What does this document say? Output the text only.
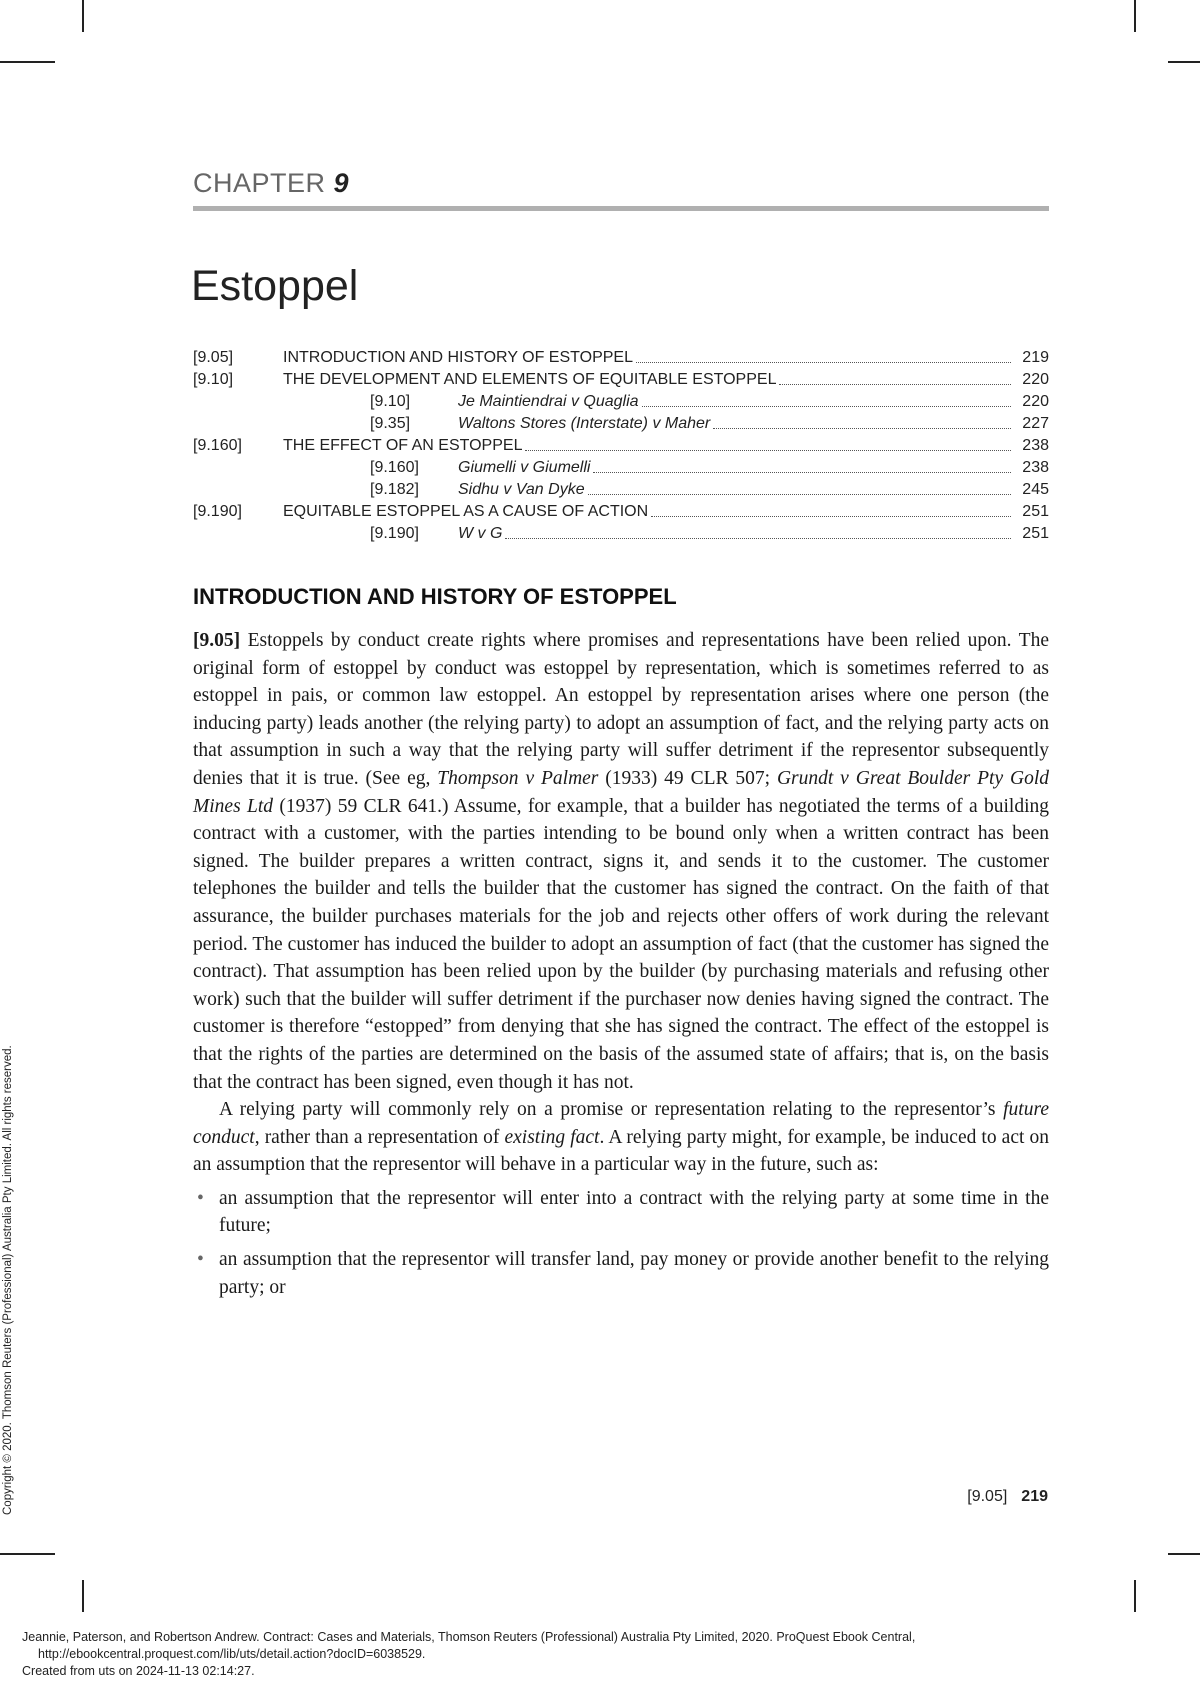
CHAPTER 9
Estoppel
[9.05]	INTRODUCTION AND HISTORY OF ESTOPPEL	219
[9.10]	THE DEVELOPMENT AND ELEMENTS OF EQUITABLE ESTOPPEL	220
[9.10]	Je Maintiendrai v Quaglia	220
[9.35]	Waltons Stores (Interstate) v Maher	227
[9.160]	THE EFFECT OF AN ESTOPPEL	238
[9.160]	Giumelli v Giumelli	238
[9.182]	Sidhu v Van Dyke	245
[9.190]	EQUITABLE ESTOPPEL AS A CAUSE OF ACTION	251
[9.190]	W v G	251
INTRODUCTION AND HISTORY OF ESTOPPEL

[9.05] Estoppels by conduct create rights where promises and representations have been relied upon. The original form of estoppel by conduct was estoppel by representation, which is sometimes referred to as estoppel in pais, or common law estoppel. An estoppel by representation arises where one person (the inducing party) leads another (the relying party) to adopt an assumption of fact, and the relying party acts on that assumption in such a way that the relying party will suffer detriment if the representor subsequently denies that it is true. (See eg, Thompson v Palmer (1933) 49 CLR 507; Grundt v Great Boulder Pty Gold Mines Ltd (1937) 59 CLR 641.) Assume, for example, that a builder has negotiated the terms of a building contract with a customer, with the parties intending to be bound only when a written contract has been signed. The builder prepares a written contract, signs it, and sends it to the customer. The customer telephones the builder and tells the builder that the customer has signed the contract. On the faith of that assurance, the builder purchases materials for the job and rejects other offers of work during the relevant period. The customer has induced the builder to adopt an assumption of fact (that the customer has signed the contract). That assumption has been relied upon by the builder (by purchasing materials and refusing other work) such that the builder will suffer detriment if the purchaser now denies having signed the contract. The customer is therefore “estopped” from denying that she has signed the contract. The effect of the estoppel is that the rights of the parties are determined on the basis of the assumed state of affairs; that is, on the basis that the contract has been signed, even though it has not.

A relying party will commonly rely on a promise or representation relating to the representor’s future conduct, rather than a representation of existing fact. A relying party might, for example, be induced to act on an assumption that the representor will behave in a particular way in the future, such as:

• an assumption that the representor will enter into a contract with the relying party at some time in the future;
• an assumption that the representor will transfer land, pay money or provide another benefit to the relying party; or
[9.05] 219
Copyright © 2020. Thomson Reuters (Professional) Australia Pty Limited. All rights reserved.
Jeannie, Paterson, and Robertson Andrew. Contract: Cases and Materials, Thomson Reuters (Professional) Australia Pty Limited, 2020. ProQuest Ebook Central,
http://ebookcentral.proquest.com/lib/uts/detail.action?docID=6038529.
Created from uts on 2024-11-13 02:14:27.
